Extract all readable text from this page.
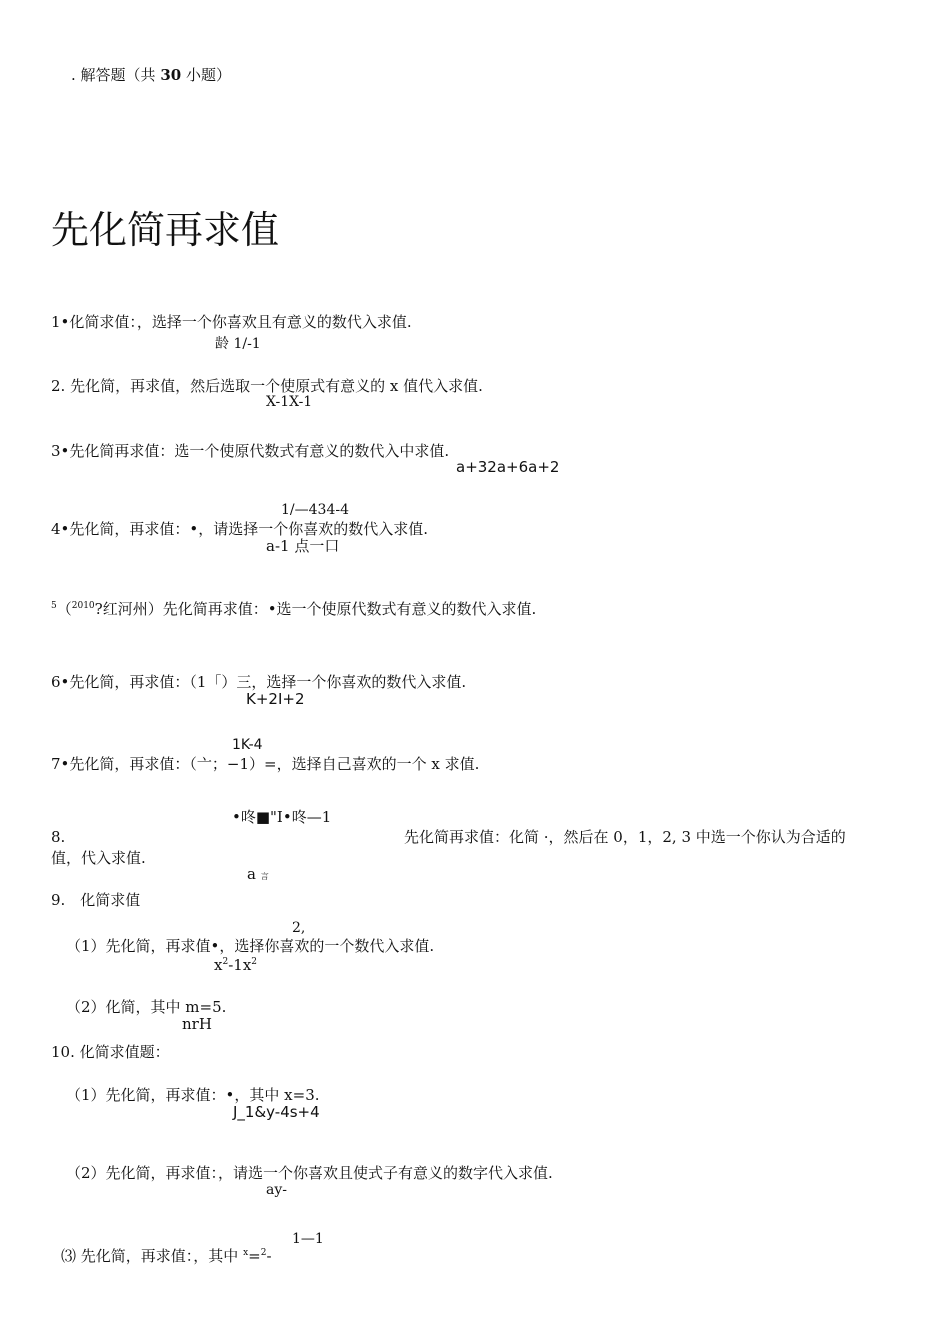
. 解答题（共 30 小题）
先化简再求值
1•化简求值：，选择一个你喜欢且有意义的数代入求值.
龄 1/-1
2. 先化简，再求值，然后选取一个使原式有意义的 x 值代入求值.
X-1X-1
3•先化简再求值：选一个使原代数式有意义的数代入中求值.
a+32a+6a+2
1/—434-4
4•先化简，再求值：•，请选择一个你喜欢的数代入求值.
a-1 点一口
$^5$（$^{2010}$?红河州）先化简再求值：•选一个使原代数式有意义的数代入求值.
6•先化简，再求值：（1「）三，选择一个你喜欢的数代入求值.
K+2I+2
1K-4
7•先化简，再求值：（亠；−1）=，选择自己喜欢的一个 x 求值.
•咚■"I•咚—1
8.	先化简再求值：化简 ·，然后在 0，1，2, 3 中选一个你认为合适的
值，代入求值.
a 言
9.　化简求值
2,
（1）先化简，再求值•，选择你喜欢的一个数代入求值.
$x^2-1x^2$
（2）化简，其中 m=5.
nrH
10. 化简求值题：
（1）先化简，再求值：•，其中 x=3.
J_1&y-4s+4
（2）先化简，再求值：，请选一个你喜欢且使式子有意义的数字代入求值.
ay-
1—1
⑶ 先化简，再求值：，其中 $^x$=$^2$-
